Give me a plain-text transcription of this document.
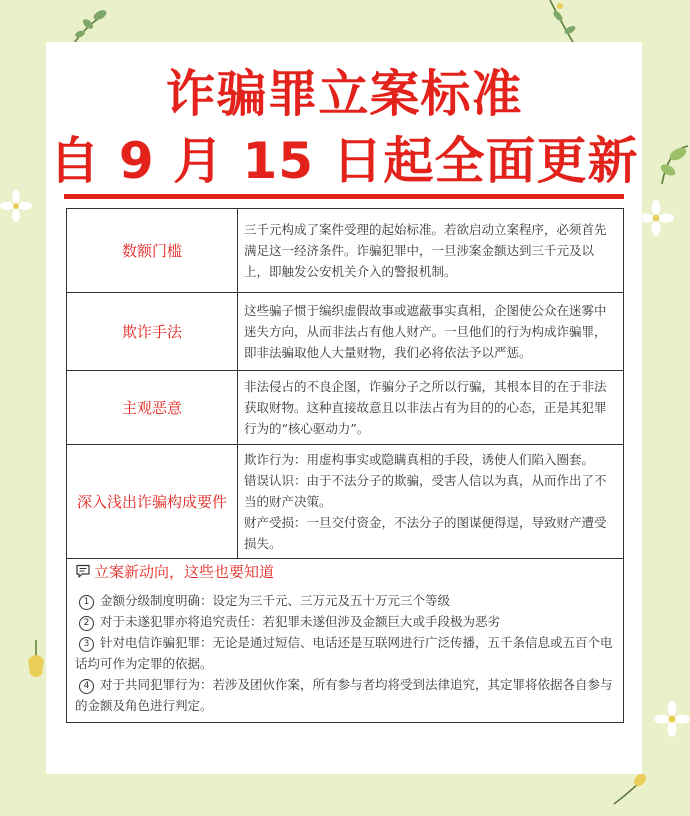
诈骗罪立案标准
自 9 月 15 日起全面更新
数额门槛	三千元构成了案件受理的起始标准。若欲启动立案程序，必须首先满足这一经济条件。诈骗犯罪中，一旦涉案金额达到三千元及以上，即触发公安机关介入的警报机制。

欺诈手法	这些骗子惯于编织虚假故事或遮蔽事实真相，企图使公众在迷雾中迷失方向，从而非法占有他人财产。一旦他们的行为构成诈骗罪，即非法骗取他人大量财物，我们必将依法予以严惩。

主观恶意	非法侵占的不良企图，诈骗分子之所以行骗，其根本目的在于非法获取财物。这种直接故意且以非法占有为目的的心态，正是其犯罪行为的“核心驱动力”。

深入浅出诈骗构成要件	欺诈行为：用虚构事实或隐瞒真相的手段，诱使人们陷入圈套。

错误认识：由于不法分子的欺骗，受害人信以为真，从而作出了不当的财产决策。

财产受损：一旦交付资金，不法分子的图谋便得逞，导致财产遭受损失。

立案新动向，这些也要知道

1 金额分级制度明确：设定为三千元、三万元及五十万元三个等级

2 对于未遂犯罪亦将追究责任：若犯罪未遂但涉及金额巨大或手段极为恶劣

3 针对电信诈骗犯罪：无论是通过短信、电话还是互联网进行广泛传播，五千条信息或五百个电话均可作为定罪的依据。

4 对于共同犯罪行为：若涉及团伙作案，所有参与者均将受到法律追究，其定罪将依据各自参与的金额及角色进行判定。
